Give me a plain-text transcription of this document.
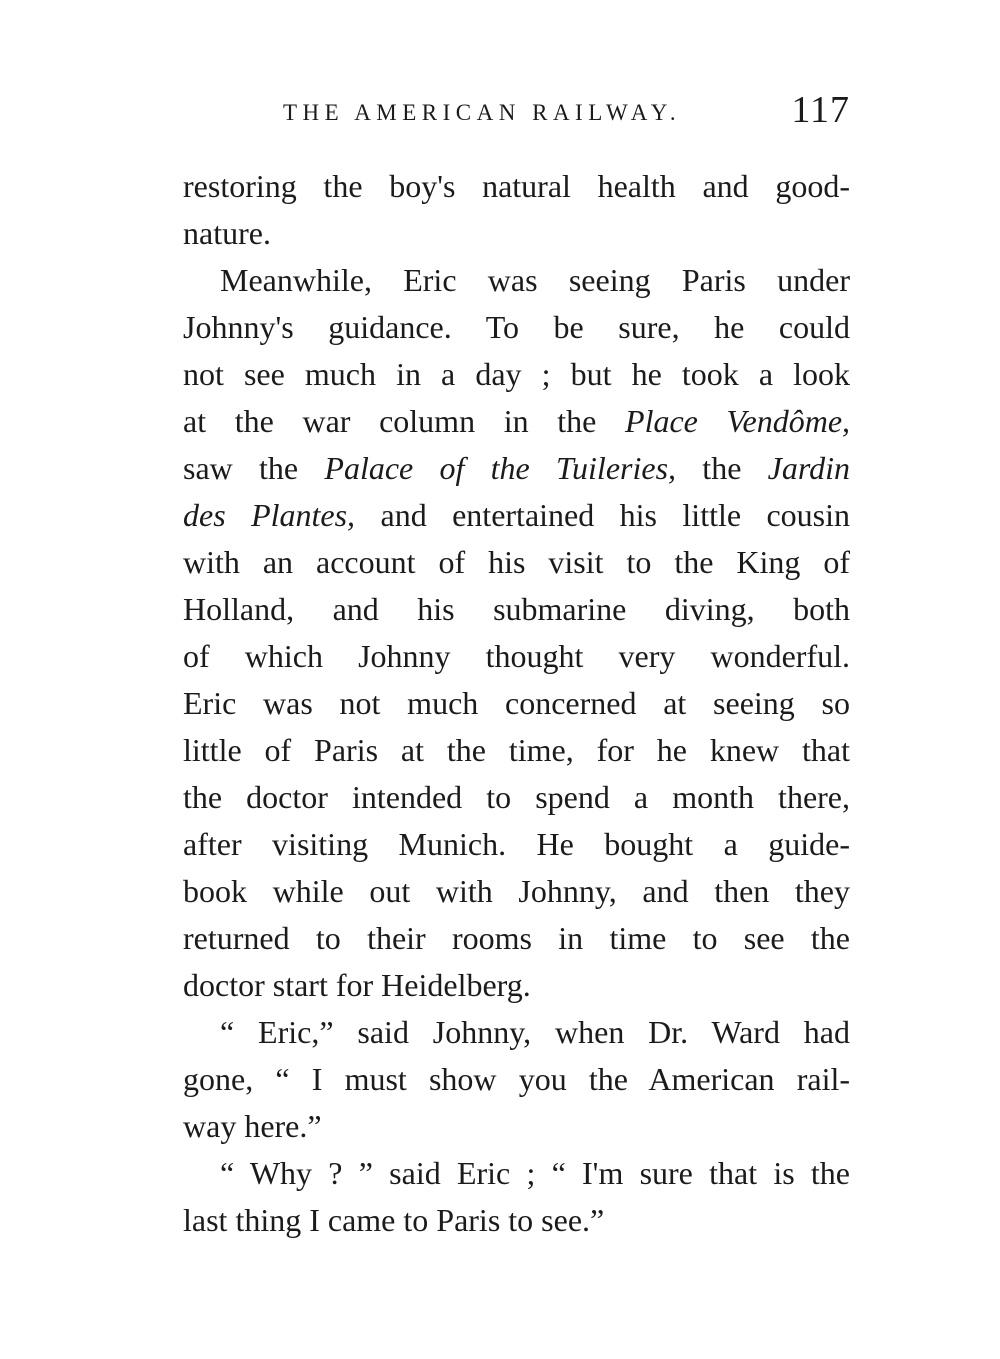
THE AMERICAN RAILWAY.	117
restoring the boy's natural health and good-
nature.
Meanwhile, Eric was seeing Paris under
Johnny's guidance. To be sure, he could
not see much in a day ; but he took a look
at the war column in the Place Vendôme,
saw the Palace of the Tuileries, the Jardin
des Plantes, and entertained his little cousin
with an account of his visit to the King of
Holland, and his submarine diving, both
of which Johnny thought very wonderful.
Eric was not much concerned at seeing so
little of Paris at the time, for he knew that
the doctor intended to spend a month there,
after visiting Munich. He bought a guide-
book while out with Johnny, and then they
returned to their rooms in time to see the
doctor start for Heidelberg.
“ Eric,” said Johnny, when Dr. Ward had
gone, “ I must show you the American rail-
way here.”
“ Why ? ” said Eric ; “ I'm sure that is the
last thing I came to Paris to see.”
